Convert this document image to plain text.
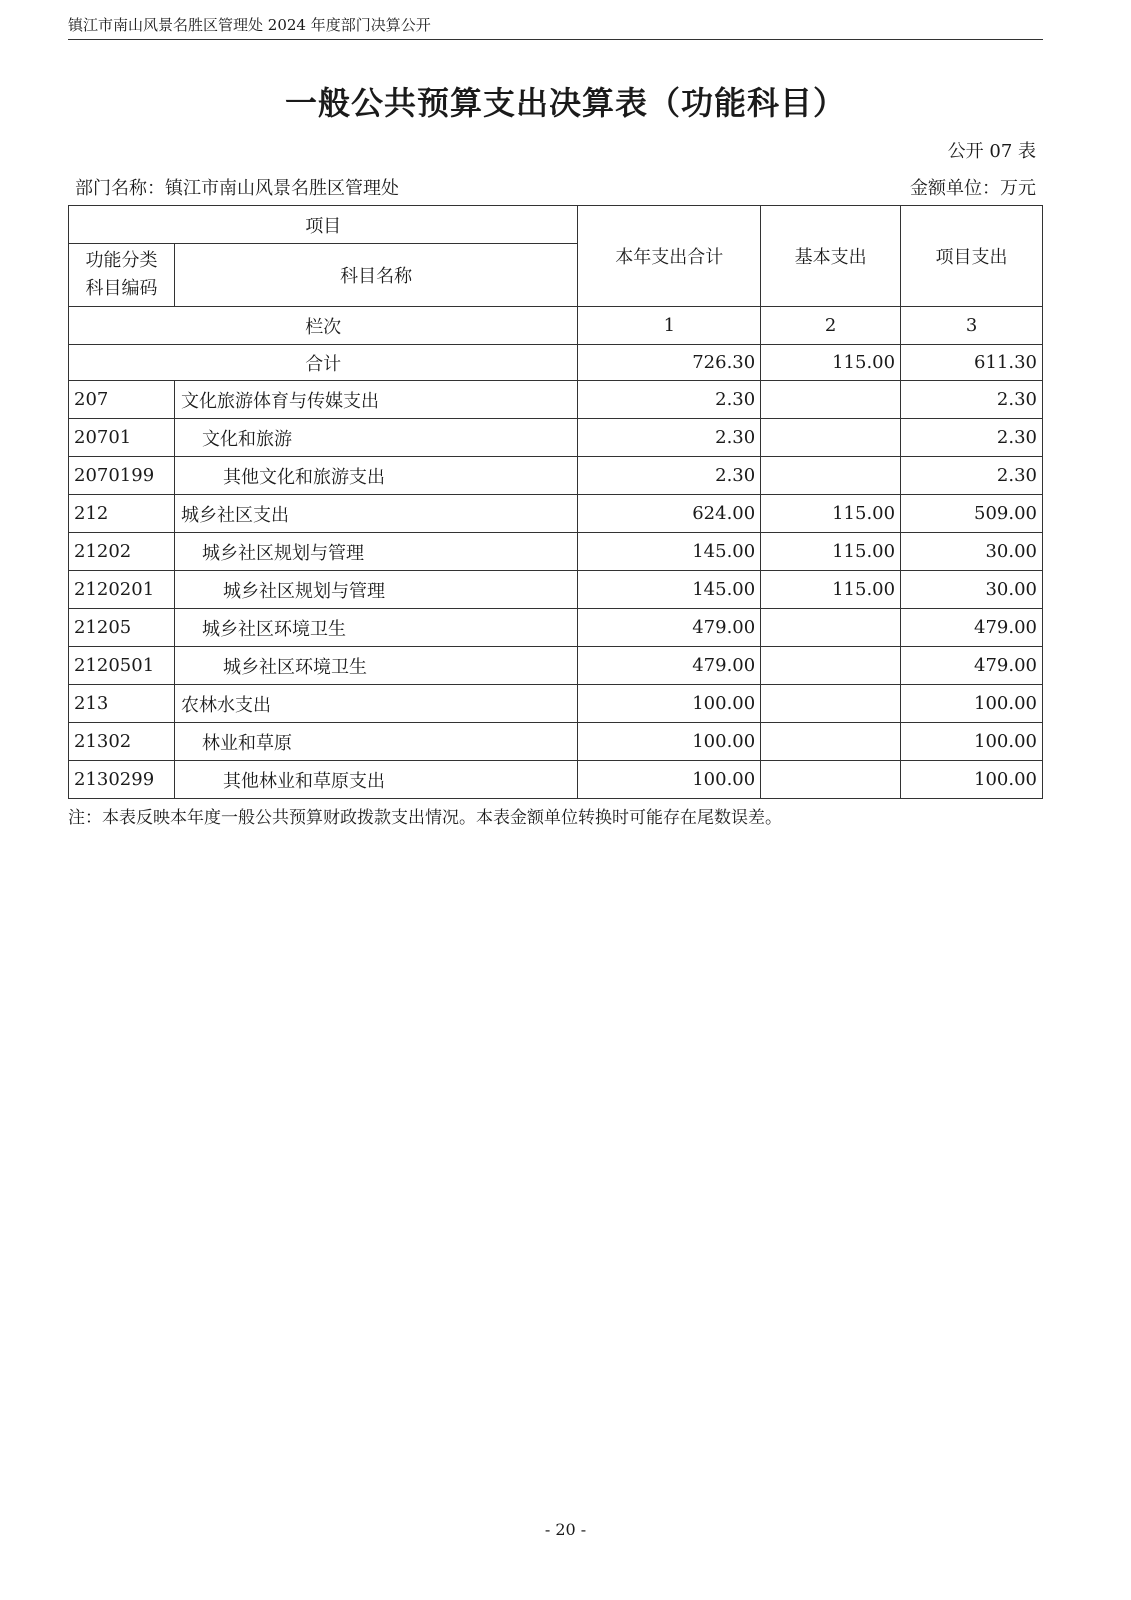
镇江市南山风景名胜区管理处 2024 年度部门决算公开
一般公共预算支出决算表（功能科目）
公开 07 表
部门名称：镇江市南山风景名胜区管理处	金额单位：万元
项目		本年支出合计	基本支出	项目支出
功能分类
科目编码	科目名称			
栏次		1	2	3
合计		726.30	115.00	611.30
207	文化旅游体育与传媒支出	2.30		2.30
20701	文化和旅游	2.30		2.30
2070199	其他文化和旅游支出	2.30		2.30
212	城乡社区支出	624.00	115.00	509.00
21202	城乡社区规划与管理	145.00	115.00	30.00
2120201	城乡社区规划与管理	145.00	115.00	30.00
21205	城乡社区环境卫生	479.00		479.00
2120501	城乡社区环境卫生	479.00		479.00
213	农林水支出	100.00		100.00
21302	林业和草原	100.00		100.00
2130299	其他林业和草原支出	100.00		100.00
注：本表反映本年度一般公共预算财政拨款支出情况。本表金额单位转换时可能存在尾数误差。
- 20 -
